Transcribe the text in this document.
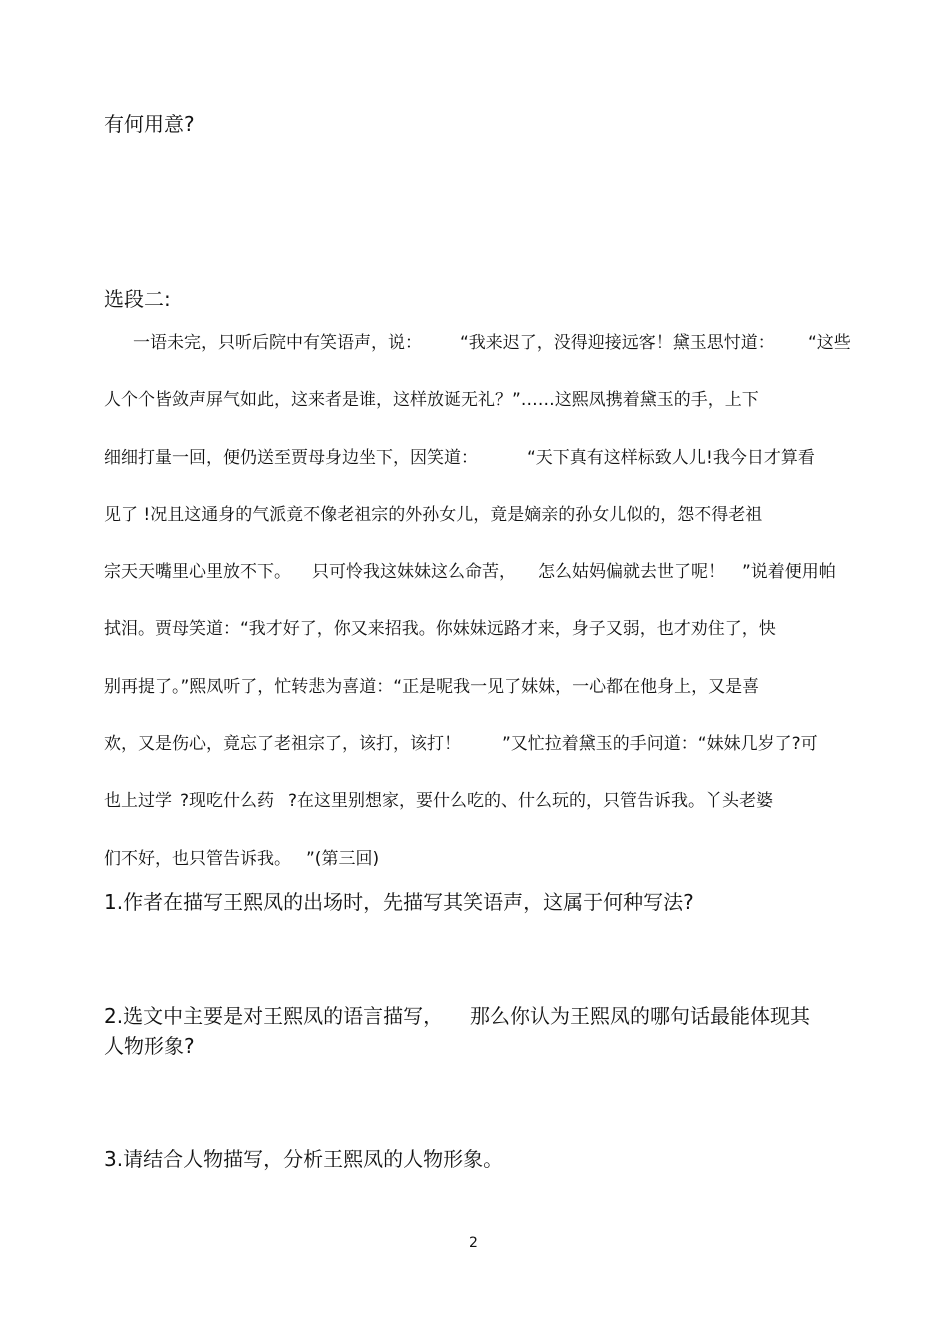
有何用意?
选段二:
一语未完，只听后院中有笑语声，说： “我来迟了，没得迎接远客！黛玉思忖道： “这些
人个个皆敛声屏气如此，这来者是谁，这样放诞无礼？”……这熙凤携着黛玉的手，上下
细细打量一回，便仍送至贾母身边坐下，因笑道：	“天下真有这样标致人儿 !我今日才算看
见了 !况且这通身的气派竟不像老祖宗的外孙女儿，竟是嫡亲的孙女儿似的，怨不得老祖
宗天天嘴里心里放不下。 只可怜我这妹妹这么命苦， 怎么姑妈偏就去世了呢！ ”说着便用帕
拭泪。贾母笑道：“我才好了，你又来招我。你妹妹远路才来，身子又弱，也才劝住了，快
别再提了。”熙凤听了，忙转悲为喜道：“正是呢我一见了妹妹，一心都在他身上，又是喜
欢，又是伤心，竟忘了老祖宗了，该打，该打！ ”又忙拉着黛玉的手问道：“妹妹几岁了?可
也上过学 ?现吃什么药 ?在这里别想家，要什么吃的、什么玩的，只管告诉我。丫头老婆
们不好，也只管告诉我。 ”(第三回)
1.作者在描写王熙凤的出场时，先描写其笑语声，这属于何种写法?
2.选文中主要是对王熙凤的语言描写， 那么你认为王熙凤的哪句话最能体现其
人物形象?
3.请结合人物描写，分析王熙凤的人物形象。
2
